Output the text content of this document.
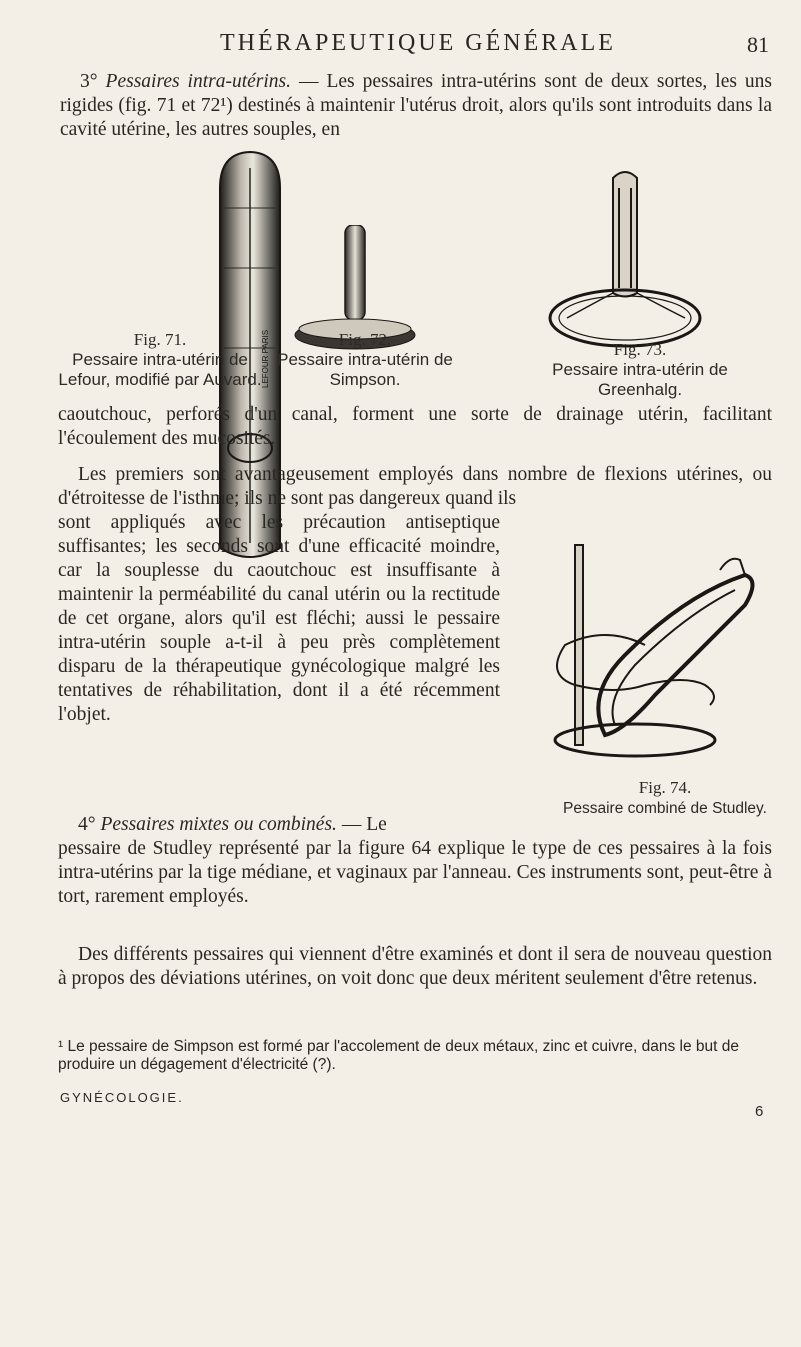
THÉRAPEUTIQUE GÉNÉRALE	81

3° Pessaires intra-utérins. — Les pessaires intra-utérins sont de deux sortes, les uns rigides (fig. 71 et 72¹) destinés à maintenir l'utérus droit, alors qu'ils sont introduits dans la cavité utérine, les autres souples, en

LEFOUR PARIS
Fig. 71.
Pessaire intra-utérin de Lefour, modifié par Auvard.
Fig. 72.
Pessaire intra-utérin de Simpson.
Fig. 73.
Pessaire intra-utérin de Greenhalg.

caoutchouc, perforés d'un canal, forment une sorte de drainage utérin, facilitant l'écoulement des mucosités.

Les premiers sont avantageusement employés dans nombre de flexions utérines, ou d'étroitesse de l'isthme; ils ne sont pas dangereux quand ils

sont appliqués avec les précaution antiseptique suffisantes; les seconds sont d'une efficacité moindre, car la souplesse du caoutchouc est insuffisante à maintenir la perméabilité du canal utérin ou la rectitude de cet organe, alors qu'il est fléchi; aussi le pessaire intra-utérin souple a-t-il à peu près complètement disparu de la thérapeutique gynécologique malgré les tentatives de réhabilitation, dont il a été récemment l'objet.

Fig. 74.
Pessaire combiné de Studley.

4° Pessaires mixtes ou combinés. — Le

pessaire de Studley représenté par la figure 64 explique le type de ces pessaires à la fois intra-utérins par la tige médiane, et vaginaux par l'anneau. Ces instruments sont, peut-être à tort, rarement employés.

Des différents pessaires qui viennent d'être examinés et dont il sera de nouveau question à propos des déviations utérines, on voit donc que deux méritent seulement d'être retenus.

¹ Le pessaire de Simpson est formé par l'accolement de deux métaux, zinc et cuivre, dans le but de produire un dégagement d'électricité (?).

GYNÉCOLOGIE.
6
